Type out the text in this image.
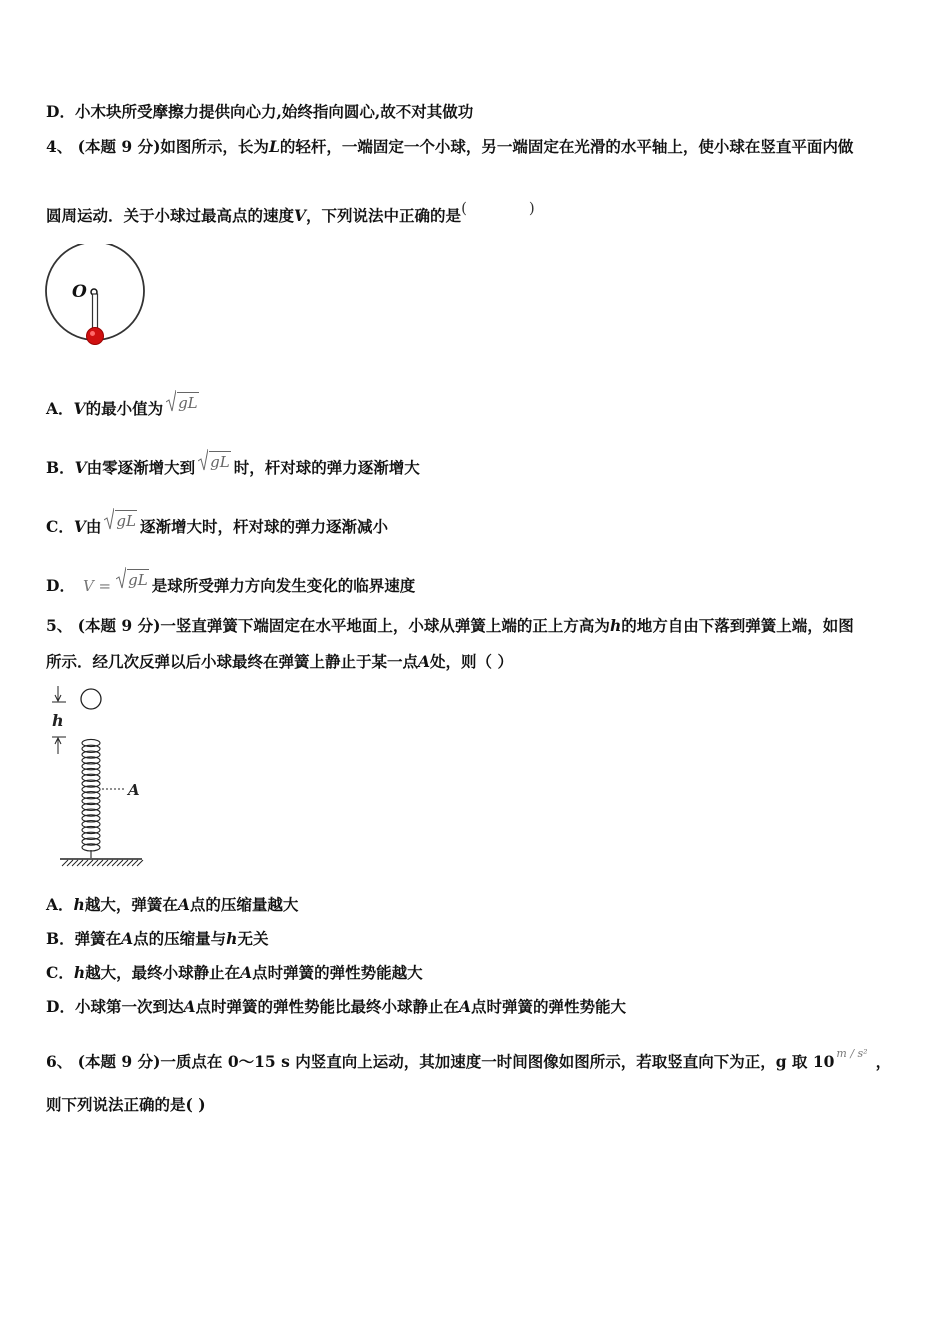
D．小木块所受摩擦力提供向心力,始终指向圆心,故不对其做功
4、 (本题 9 分)如图所示，长为L的轻杆，一端固定一个小球，另一端固定在光滑的水平轴上，使小球在竖直平面内做
圆周运动．关于小球过最高点的速度V，下列说法中正确的是(	)
O
A．V的最小值为 gL
B．V由零逐渐增大到 gL 时，杆对球的弹力逐渐增大
C．V由 gL 逐渐增大时，杆对球的弹力逐渐减小
D． V = gL 是球所受弹力方向发生变化的临界速度
5、 (本题 9 分)一竖直弹簧下端固定在水平地面上，小球从弹簧上端的正上方高为h的地方自由下落到弹簧上端，如图
所示．经几次反弹以后小球最终在弹簧上静止于某一点A处，则（ ）
h
A
A．h越大，弹簧在A点的压缩量越大
B．弹簧在A点的压缩量与h无关
C．h越大，最终小球静止在A点时弹簧的弹性势能越大
D．小球第一次到达A点时弹簧的弹性势能比最终小球静止在A点时弹簧的弹性势能大
6、 (本题 9 分)一质点在 0～15 s 内竖直向上运动，其加速度一时间图像如图所示，若取竖直向下为正，g 取 10 $^{m / s^2}$ ，
则下列说法正确的是( )
